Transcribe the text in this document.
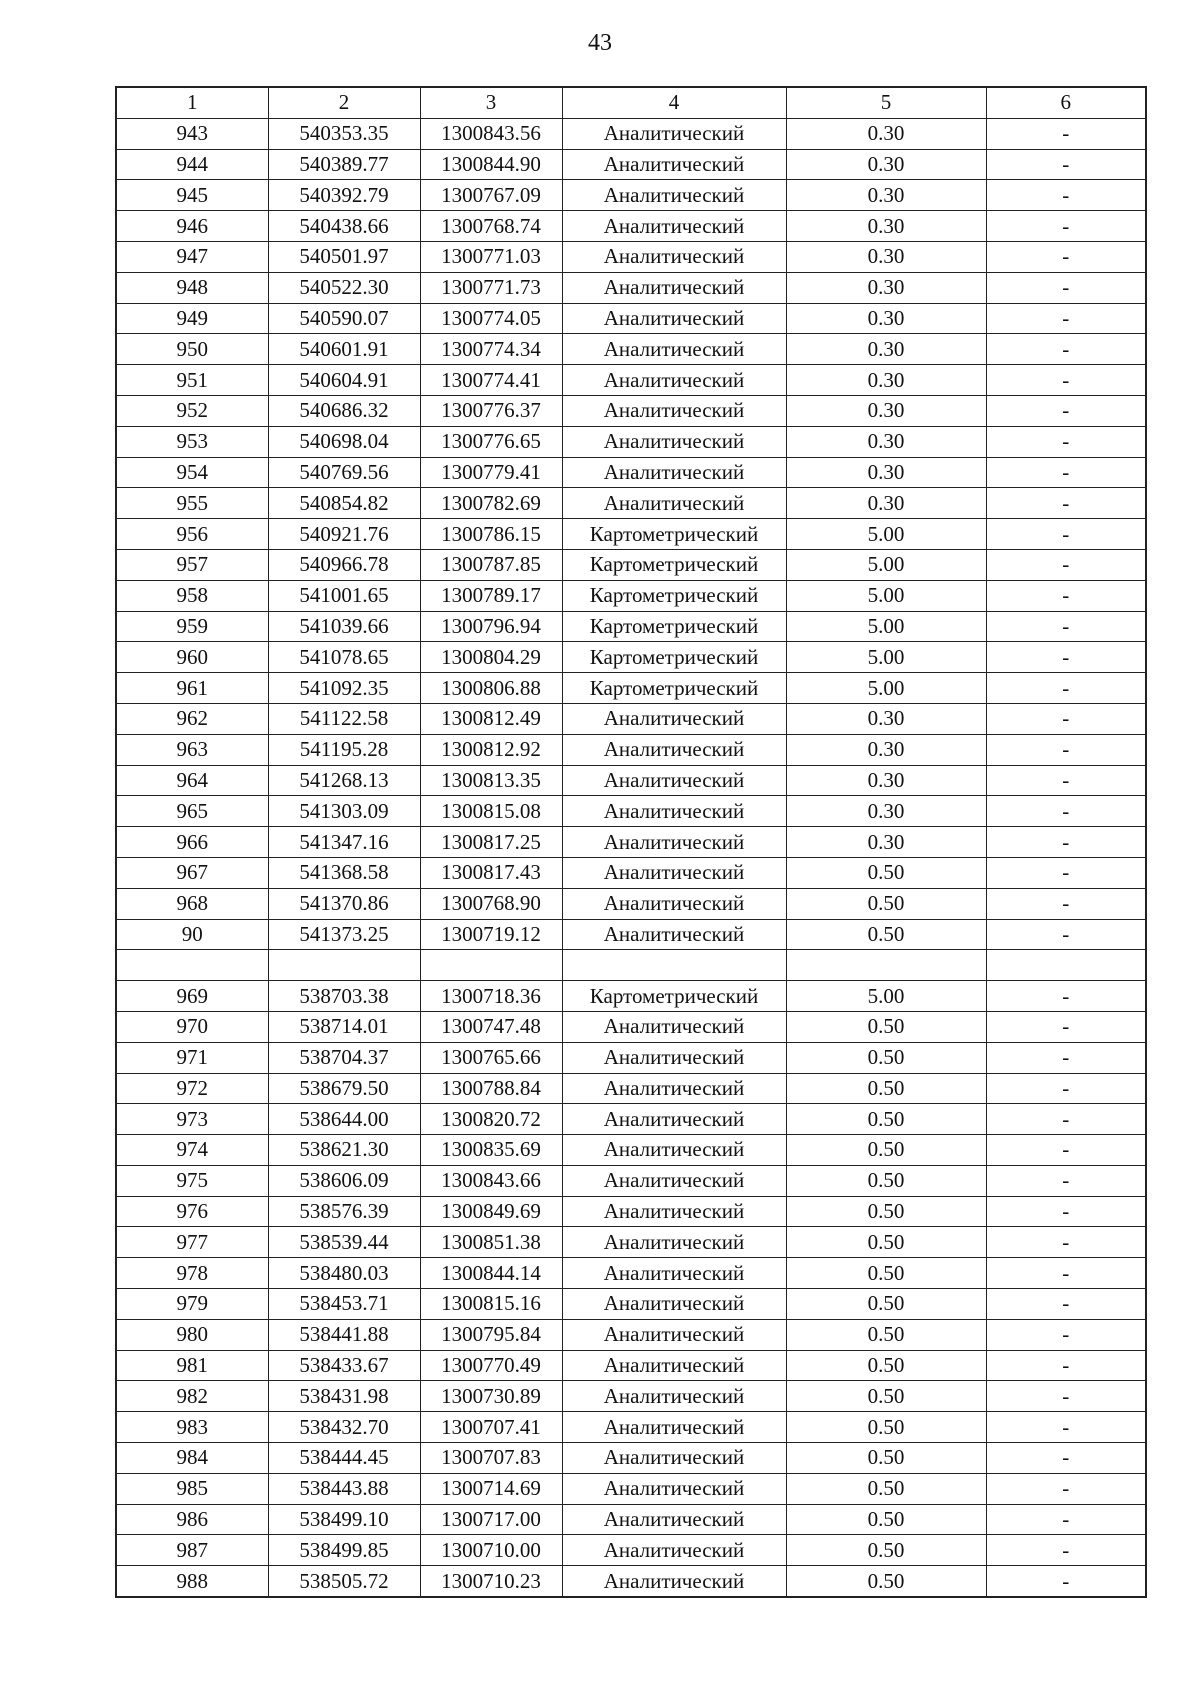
43
1	2	3	4	5	6
943	540353.35	1300843.56	Аналитический	0.30	-
944	540389.77	1300844.90	Аналитический	0.30	-
945	540392.79	1300767.09	Аналитический	0.30	-
946	540438.66	1300768.74	Аналитический	0.30	-
947	540501.97	1300771.03	Аналитический	0.30	-
948	540522.30	1300771.73	Аналитический	0.30	-
949	540590.07	1300774.05	Аналитический	0.30	-
950	540601.91	1300774.34	Аналитический	0.30	-
951	540604.91	1300774.41	Аналитический	0.30	-
952	540686.32	1300776.37	Аналитический	0.30	-
953	540698.04	1300776.65	Аналитический	0.30	-
954	540769.56	1300779.41	Аналитический	0.30	-
955	540854.82	1300782.69	Аналитический	0.30	-
956	540921.76	1300786.15	Картометрический	5.00	-
957	540966.78	1300787.85	Картометрический	5.00	-
958	541001.65	1300789.17	Картометрический	5.00	-
959	541039.66	1300796.94	Картометрический	5.00	-
960	541078.65	1300804.29	Картометрический	5.00	-
961	541092.35	1300806.88	Картометрический	5.00	-
962	541122.58	1300812.49	Аналитический	0.30	-
963	541195.28	1300812.92	Аналитический	0.30	-
964	541268.13	1300813.35	Аналитический	0.30	-
965	541303.09	1300815.08	Аналитический	0.30	-
966	541347.16	1300817.25	Аналитический	0.30	-
967	541368.58	1300817.43	Аналитический	0.50	-
968	541370.86	1300768.90	Аналитический	0.50	-
90	541373.25	1300719.12	Аналитический	0.50	-

969	538703.38	1300718.36	Картометрический	5.00	-
970	538714.01	1300747.48	Аналитический	0.50	-
971	538704.37	1300765.66	Аналитический	0.50	-
972	538679.50	1300788.84	Аналитический	0.50	-
973	538644.00	1300820.72	Аналитический	0.50	-
974	538621.30	1300835.69	Аналитический	0.50	-
975	538606.09	1300843.66	Аналитический	0.50	-
976	538576.39	1300849.69	Аналитический	0.50	-
977	538539.44	1300851.38	Аналитический	0.50	-
978	538480.03	1300844.14	Аналитический	0.50	-
979	538453.71	1300815.16	Аналитический	0.50	-
980	538441.88	1300795.84	Аналитический	0.50	-
981	538433.67	1300770.49	Аналитический	0.50	-
982	538431.98	1300730.89	Аналитический	0.50	-
983	538432.70	1300707.41	Аналитический	0.50	-
984	538444.45	1300707.83	Аналитический	0.50	-
985	538443.88	1300714.69	Аналитический	0.50	-
986	538499.10	1300717.00	Аналитический	0.50	-
987	538499.85	1300710.00	Аналитический	0.50	-
988	538505.72	1300710.23	Аналитический	0.50	-
